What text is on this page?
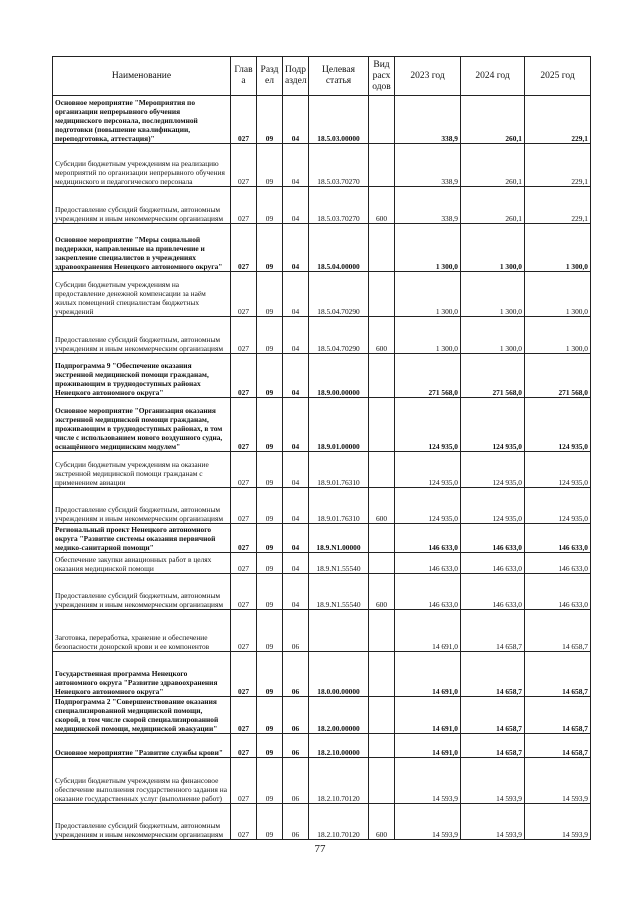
Наименование	Глав а	Разд ел	Подр аздел	Целевая статья	Вид расх одов	2023 год	2024 год	2025 год
Основное мероприятие "Мероприятия по организации непрерывного обучения медицинского персонала, последипломной подготовки (повышение квалификации, переподготовка, аттестация)"	027	09	04	18.5.03.00000		338,9	260,1	229,1
Субсидии бюджетным учреждениям на реализацию мероприятий по организации непрерывного обучения медицинского и педагогического персонала	027	09	04	18.5.03.70270		338,9	260,1	229,1
Предоставление субсидий бюджетным, автономным учреждениям и иным некоммерческим организациям	027	09	04	18.5.03.70270	600	338,9	260,1	229,1
Основное мероприятие "Меры социальной поддержки, направленные на привлечение и закрепление специалистов в учреждениях здравоохранения Ненецкого автономного округа"	027	09	04	18.5.04.00000		1 300,0	1 300,0	1 300,0
Субсидии бюджетным учреждениям на предоставление денежной компенсации за наём жилых помещений специалистам бюджетных учреждений	027	09	04	18.5.04.70290		1 300,0	1 300,0	1 300,0
Предоставление субсидий бюджетным, автономным учреждениям и иным некоммерческим организациям	027	09	04	18.5.04.70290	600	1 300,0	1 300,0	1 300,0
Подпрограмма 9 "Обеспечение оказания экстренной медицинской помощи гражданам, проживающим в труднодоступных районах Ненецкого автономного округа"	027	09	04	18.9.00.00000		271 568,0	271 568,0	271 568,0
Основное мероприятие "Организация оказания экстренной медицинской помощи гражданам, проживающим в труднодоступных районах, в том числе с использованием нового воздушного судна, оснащённого медицинским модулем"	027	09	04	18.9.01.00000		124 935,0	124 935,0	124 935,0
Субсидии бюджетным учреждениям на оказание экстренной медицинской помощи гражданам с применением авиации	027	09	04	18.9.01.76310		124 935,0	124 935,0	124 935,0
Предоставление субсидий бюджетным, автономным учреждениям и иным некоммерческим организациям	027	09	04	18.9.01.76310	600	124 935,0	124 935,0	124 935,0
Региональный проект Ненецкого автономного округа "Развитие системы оказания первичной медико-санитарной помощи"	027	09	04	18.9.N1.00000		146 633,0	146 633,0	146 633,0
Обеспечение закупки авиационных работ в целях оказания медицинской помощи	027	09	04	18.9.N1.55540		146 633,0	146 633,0	146 633,0
Предоставление субсидий бюджетным, автономным учреждениям и иным некоммерческим организациям	027	09	04	18.9.N1.55540	600	146 633,0	146 633,0	146 633,0
Заготовка, переработка, хранение и обеспечение безопасности донорской крови и ее компонентов	027	09	06			14 691,0	14 658,7	14 658,7
Государственная программа Ненецкого автономного округа "Развитие здравоохранения Ненецкого автономного округа"	027	09	06	18.0.00.00000		14 691,0	14 658,7	14 658,7
Подпрограмма 2 "Совершенствование оказания специализированной медицинской помощи, скорой, в том числе скорой специализированной медицинской помощи, медицинской эвакуации"	027	09	06	18.2.00.00000		14 691,0	14 658,7	14 658,7
Основное мероприятие "Развитие службы крови"	027	09	06	18.2.10.00000		14 691,0	14 658,7	14 658,7
Субсидии бюджетным учреждениям на финансовое обеспечение выполнения государственного задания на оказание государственных услуг (выполнение работ)	027	09	06	18.2.10.70120		14 593,9	14 593,9	14 593,9
Предоставление субсидий бюджетным, автономным учреждениям и иным некоммерческим организациям	027	09	06	18.2.10.70120	600	14 593,9	14 593,9	14 593,9
77
